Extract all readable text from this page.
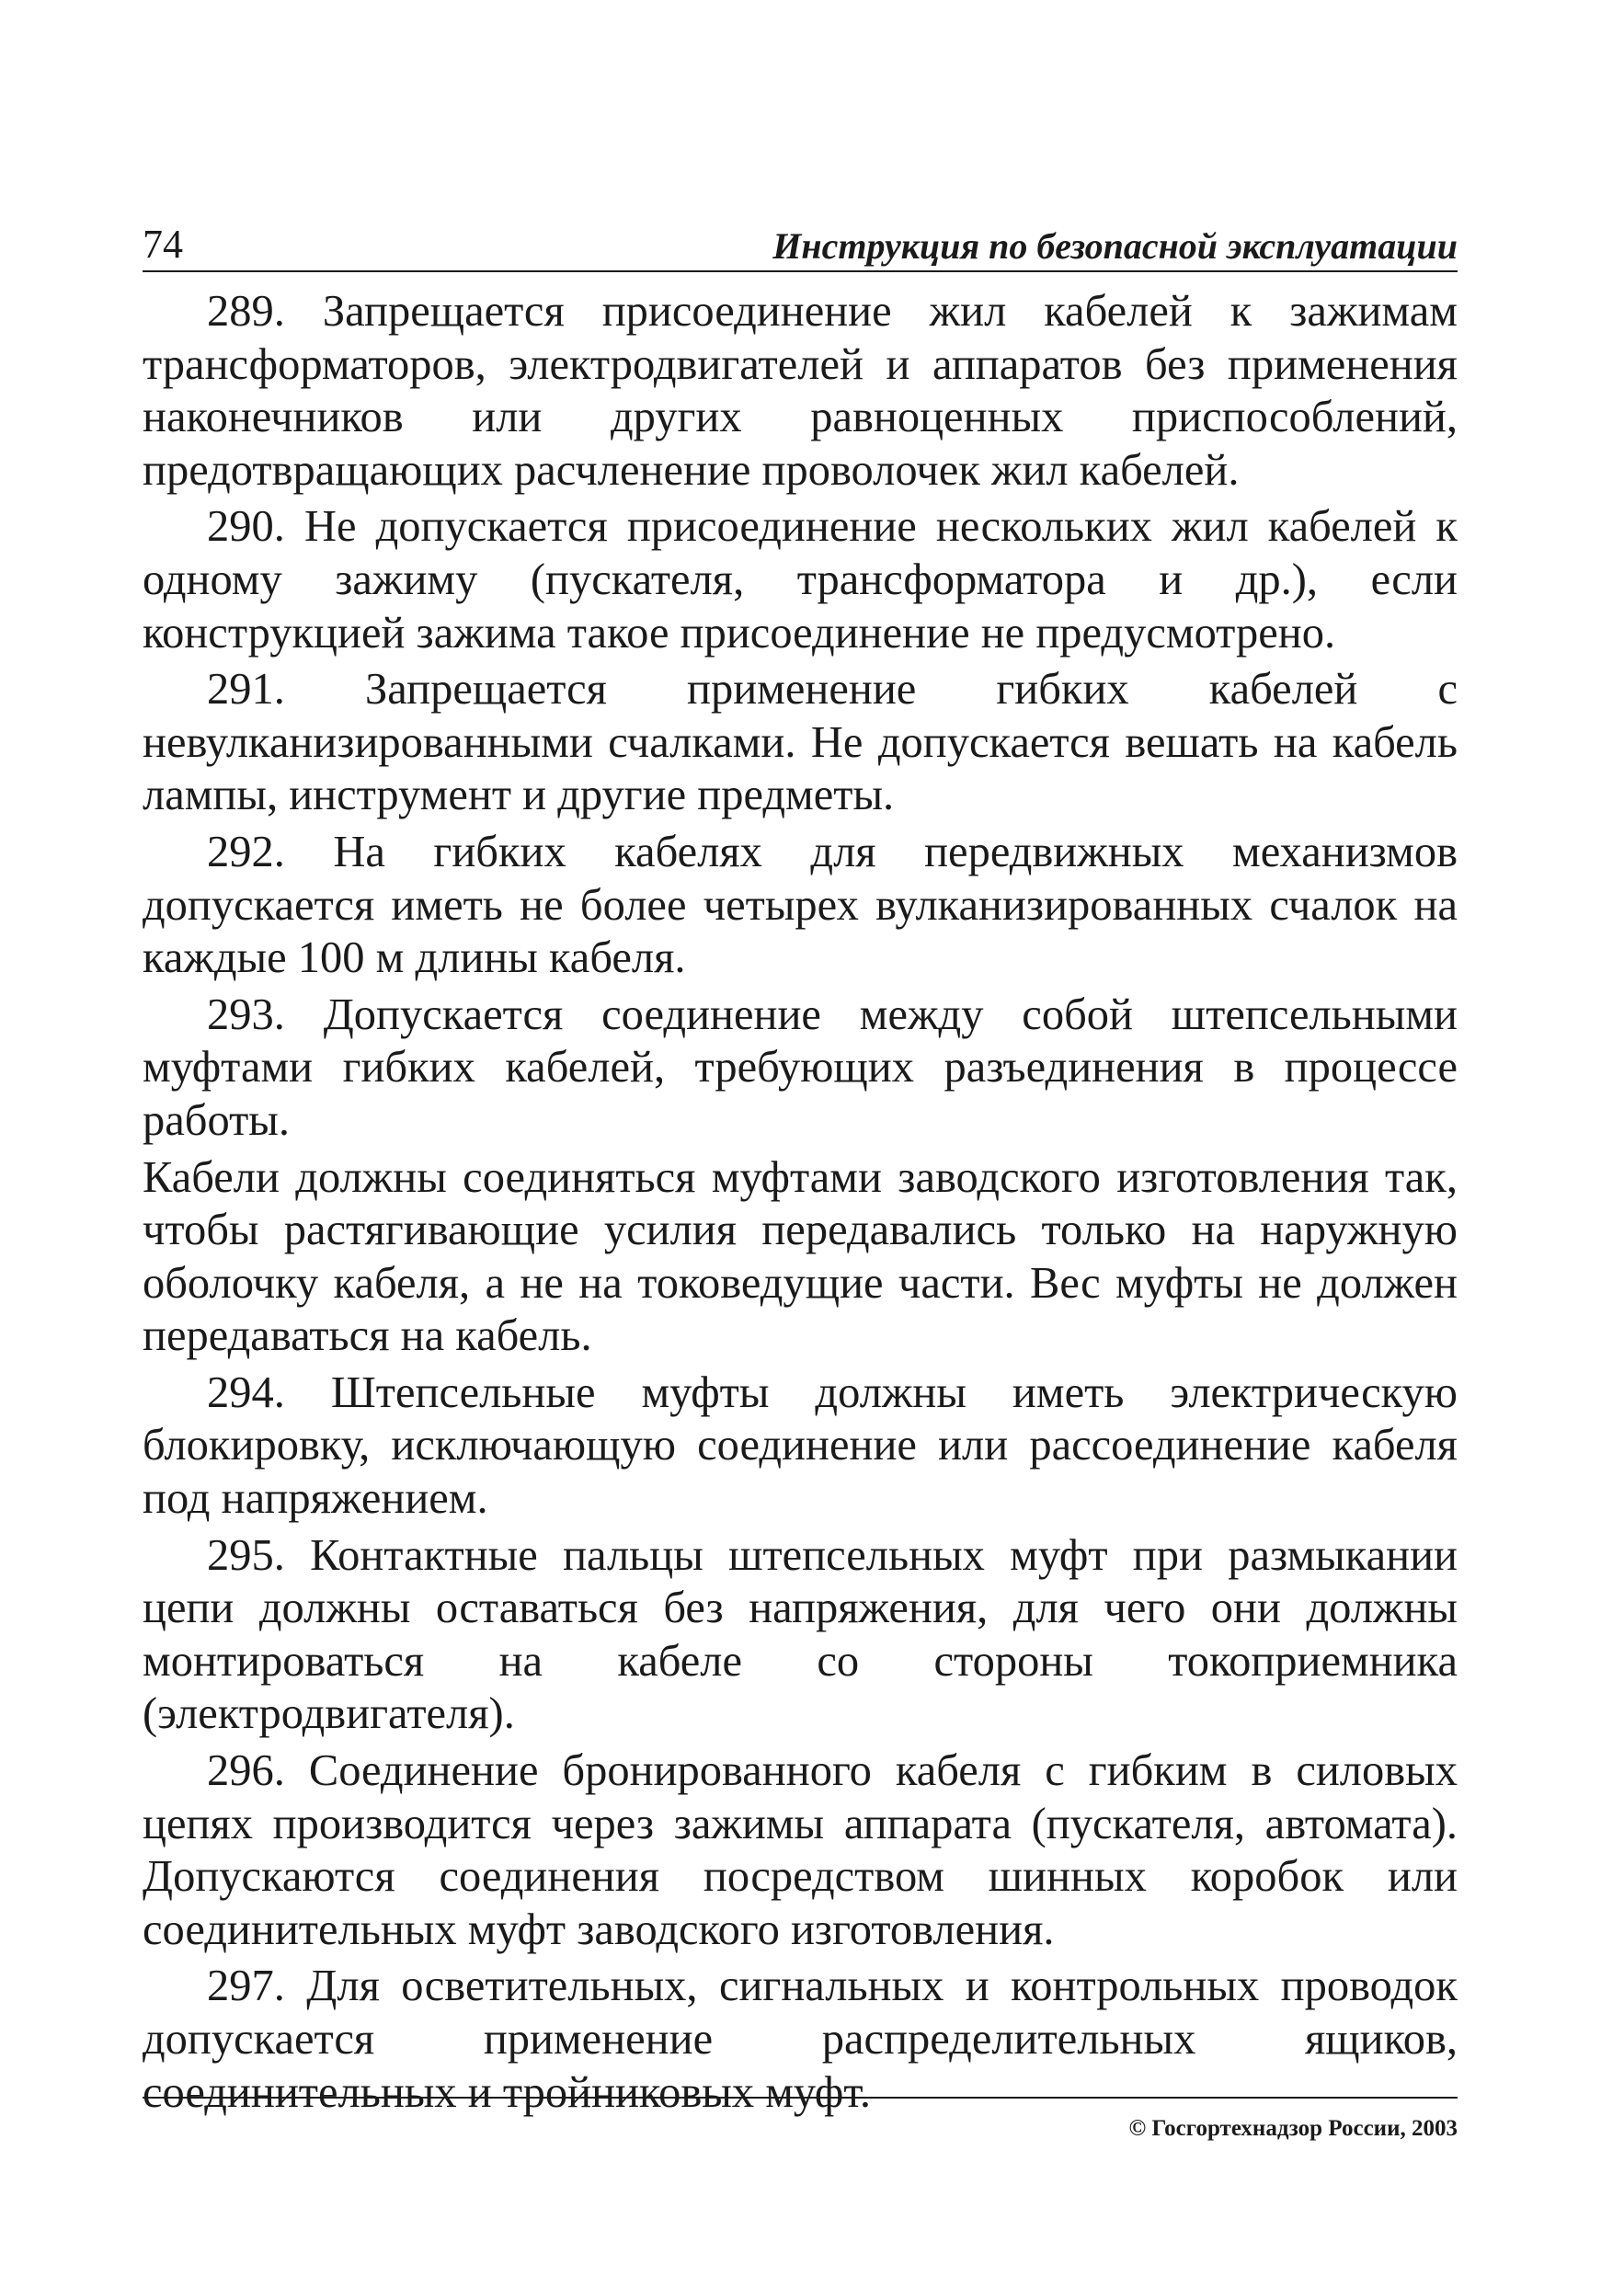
74	Инструкция по безопасной эксплуатации

289. Запрещается присоединение жил кабелей к зажимам трансформаторов, электродвигателей и аппаратов без применения наконечников или других равноценных приспособлений, предотвращающих расчленение проволочек жил кабелей.

290. Не допускается присоединение нескольких жил кабелей к одному зажиму (пускателя, трансформатора и др.), если конструкцией зажима такое присоединение не предусмотрено.

291. Запрещается применение гибких кабелей с невулканизированными счалками. Не допускается вешать на кабель лампы, инструмент и другие предметы.

292. На гибких кабелях для передвижных механизмов допускается иметь не более четырех вулканизированных счалок на каждые 100 м длины кабеля.

293. Допускается соединение между собой штепсельными муфтами гибких кабелей, требующих разъединения в процессе работы.

Кабели должны соединяться муфтами заводского изготовления так, чтобы растягивающие усилия передавались только на наружную оболочку кабеля, а не на токоведущие части. Вес муфты не должен передаваться на кабель.

294. Штепсельные муфты должны иметь электрическую блокировку, исключающую соединение или рассоединение кабеля под напряжением.

295. Контактные пальцы штепсельных муфт при размыкании цепи должны оставаться без напряжения, для чего они должны монтироваться на кабеле со стороны токоприемника (электродвигателя).

296. Соединение бронированного кабеля с гибким в силовых цепях производится через зажимы аппарата (пускателя, автомата). Допускаются соединения посредством шинных коробок или соединительных муфт заводского изготовления.

297. Для осветительных, сигнальных и контрольных проводок допускается применение распределительных ящиков, соединительных и тройниковых муфт.

© Госгортехнадзор России, 2003
